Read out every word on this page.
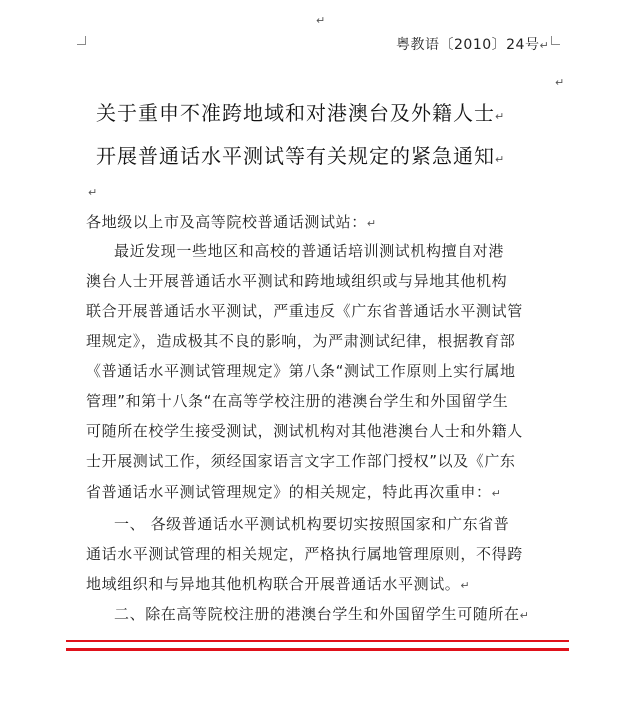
↵
粤教语〔2010〕24号↵
↵
关于重申不准跨地域和对港澳台及外籍人士↵
开展普通话水平测试等有关规定的紧急通知↵
↵
各地级以上市及高等院校普通话测试站：↵
最近发现一些地区和高校的普通话培训测试机构擅自对港
澳台人士开展普通话水平测试和跨地域组织或与异地其他机构
联合开展普通话水平测试，严重违反《广东省普通话水平测试管
理规定》，造成极其不良的影响，为严肃测试纪律，根据教育部
《普通话水平测试管理规定》第八条“测试工作原则上实行属地
管理”和第十八条“在高等学校注册的港澳台学生和外国留学生
可随所在校学生接受测试，测试机构对其他港澳台人士和外籍人
士开展测试工作，须经国家语言文字工作部门授权”以及《广东
省普通话水平测试管理规定》的相关规定，特此再次重申：↵
一、 各级普通话水平测试机构要切实按照国家和广东省普
通话水平测试管理的相关规定，严格执行属地管理原则，不得跨
地域组织和与异地其他机构联合开展普通话水平测试。↵
二、除在高等院校注册的港澳台学生和外国留学生可随所在↵
